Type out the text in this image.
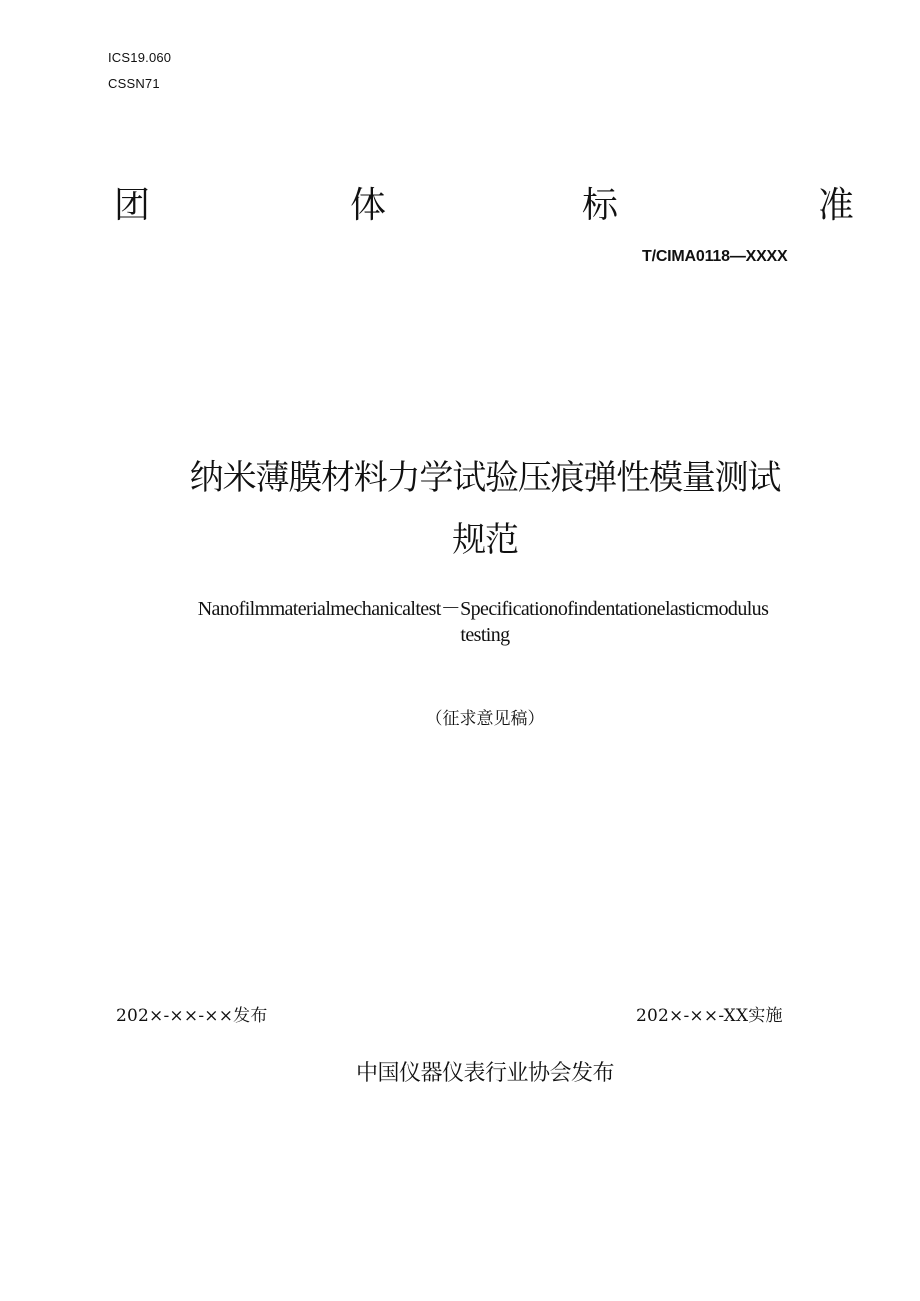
ICS19.060
CSSN71
团	体	标	准
T/CIMA0118—XXXX
纳米薄膜材料力学试验压痕弹性模量测试
规范
Nanofilmmaterialmechanicaltest－Specificationofindentationelasticmodulus
testing
（征求意见稿）
202×-××-××发布	202×-××-XX实施
中国仪器仪表行业协会发布
